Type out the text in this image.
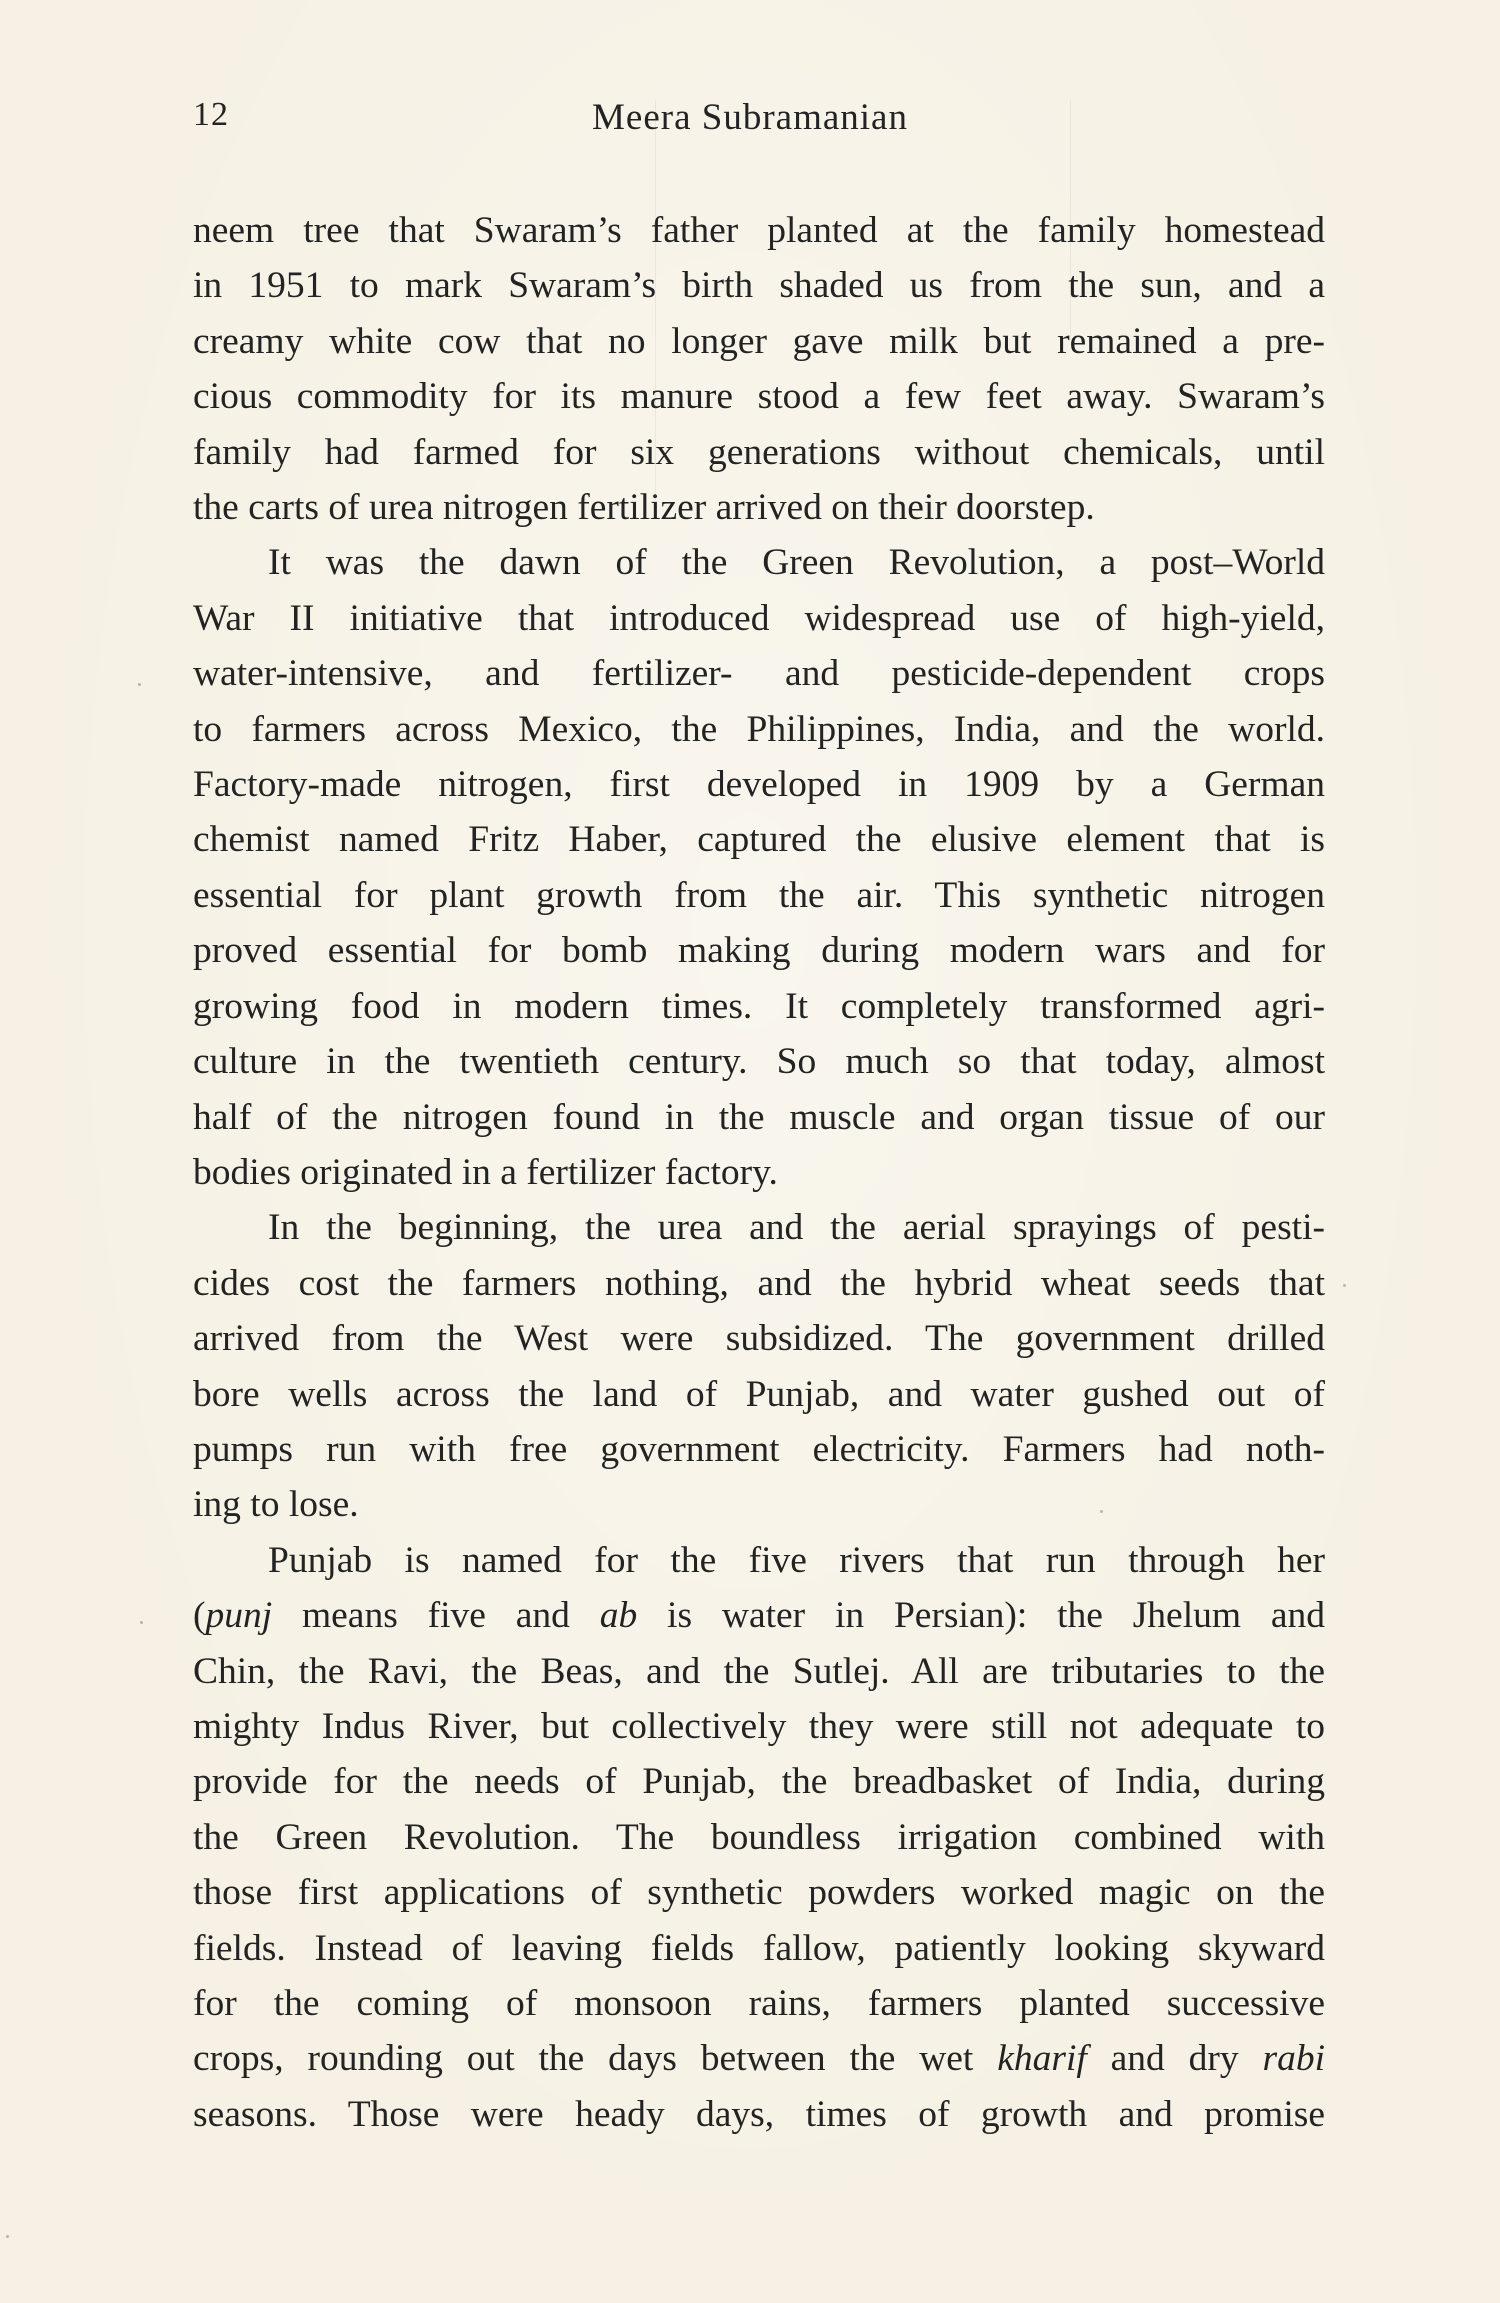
12	Meera Subramanian
neem tree that Swaram’s father planted at the family homestead
in 1951 to mark Swaram’s birth shaded us from the sun, and a
creamy white cow that no longer gave milk but remained a pre-
cious commodity for its manure stood a few feet away. Swaram’s
family had farmed for six generations without chemicals, until
the carts of urea nitrogen fertilizer arrived on their doorstep.
It was the dawn of the Green Revolution, a post–World
War II initiative that introduced widespread use of high-yield,
water-intensive, and fertilizer- and pesticide-dependent crops
to farmers across Mexico, the Philippines, India, and the world.
Factory-made nitrogen, first developed in 1909 by a German
chemist named Fritz Haber, captured the elusive element that is
essential for plant growth from the air. This synthetic nitrogen
proved essential for bomb making during modern wars and for
growing food in modern times. It completely transformed agri-
culture in the twentieth century. So much so that today, almost
half of the nitrogen found in the muscle and organ tissue of our
bodies originated in a fertilizer factory.
In the beginning, the urea and the aerial sprayings of pesti-
cides cost the farmers nothing, and the hybrid wheat seeds that
arrived from the West were subsidized. The government drilled
bore wells across the land of Punjab, and water gushed out of
pumps run with free government electricity. Farmers had noth-
ing to lose.
Punjab is named for the five rivers that run through her
(punj means five and ab is water in Persian): the Jhelum and
Chin, the Ravi, the Beas, and the Sutlej. All are tributaries to the
mighty Indus River, but collectively they were still not adequate to
provide for the needs of Punjab, the breadbasket of India, during
the Green Revolution. The boundless irrigation combined with
those first applications of synthetic powders worked magic on the
fields. Instead of leaving fields fallow, patiently looking skyward
for the coming of monsoon rains, farmers planted successive
crops, rounding out the days between the wet kharif and dry rabi
seasons. Those were heady days, times of growth and promise
